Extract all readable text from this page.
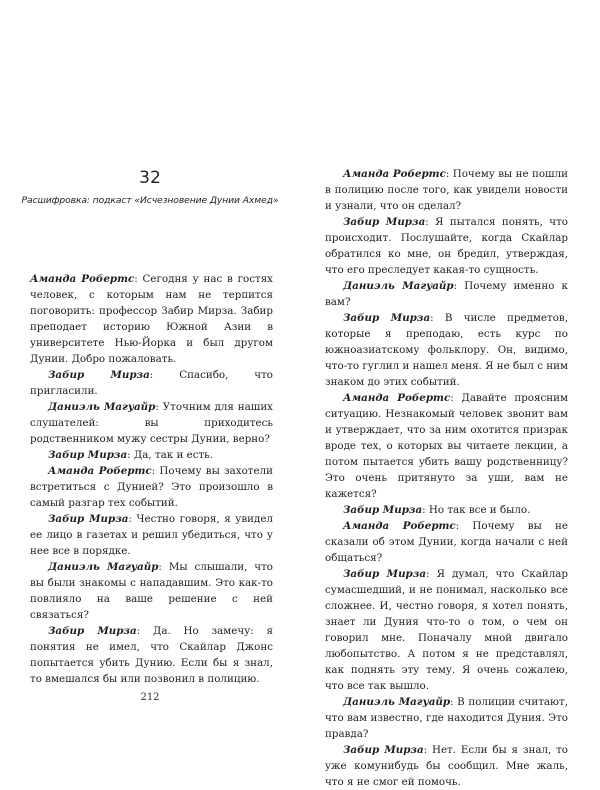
32
Расшифровка: подкаст «Исчезновение Дунии Ахмед»

Аманда Робертс: Сегодня у нас в гостях человек, с которым нам не терпится поговорить: профессор Забир Мирза. Забир преподает историю Южной Азии в университете Нью-Йорка и был другом Дунии. Добро пожаловать.

Забир Мирза: Спасибо, что пригласили.

Даниэль Магуайр: Уточним для наших слушателей: вы приходитесь родственником мужу сестры Дунии, верно?

Забир Мирза: Да, так и есть.

Аманда Робертс: Почему вы захотели встретиться с Дунией? Это произошло в самый разгар тех событий.

Забир Мирза: Честно говоря, я увидел ее лицо в газетах и решил убедиться, что у нее все в порядке.

Даниэль Магуайр: Мы слышали, что вы были знакомы с нападавшим. Это как-то повлияло на ваше решение с ней связаться?

Забир Мирза: Да. Но замечу: я понятия не имел, что Скайлар Джонс попытается убить Дунию. Если бы я знал, то вмешался бы или позвонил в полицию.

212

Аманда Робертс: Почему вы не пошли в полицию после того, как увидели новости и узнали, что он сделал?

Забир Мирза: Я пытался понять, что происходит. Послушайте, когда Скайлар обратился ко мне, он бредил, утверждая, что его преследует какая-то сущность.

Даниэль Магуайр: Почему именно к вам?

Забир Мирза: В числе предметов, которые я преподаю, есть курс по южноазиатскому фольклору. Он, видимо, что-то гуглил и нашел меня. Я не был с ним знаком до этих событий.

Аманда Робертс: Давайте проясним ситуацию. Незнакомый человек звонит вам и утверждает, что за ним охотится призрак вроде тех, о которых вы читаете лекции, а потом пытается убить вашу родственницу? Это очень притянуто за уши, вам не кажется?

Забир Мирза: Но так все и было.

Аманда Робертс: Почему вы не сказали об этом Дунии, когда начали с ней общаться?

Забир Мирза: Я думал, что Скайлар сумасшедший, и не понимал, насколько все сложнее. И, честно говоря, я хотел понять, знает ли Дуния что-то о том, о чем он говорил мне. Поначалу мной двигало любопытство. А потом я не представлял, как поднять эту тему. Я очень сожалею, что все так вышло.

Даниэль Магуайр: В полиции считают, что вам известно, где находится Дуния. Это правда?

Забир Мирза: Нет. Если бы я знал, то уже комунибудь бы сообщил. Мне жаль, что я не смог ей помочь.
